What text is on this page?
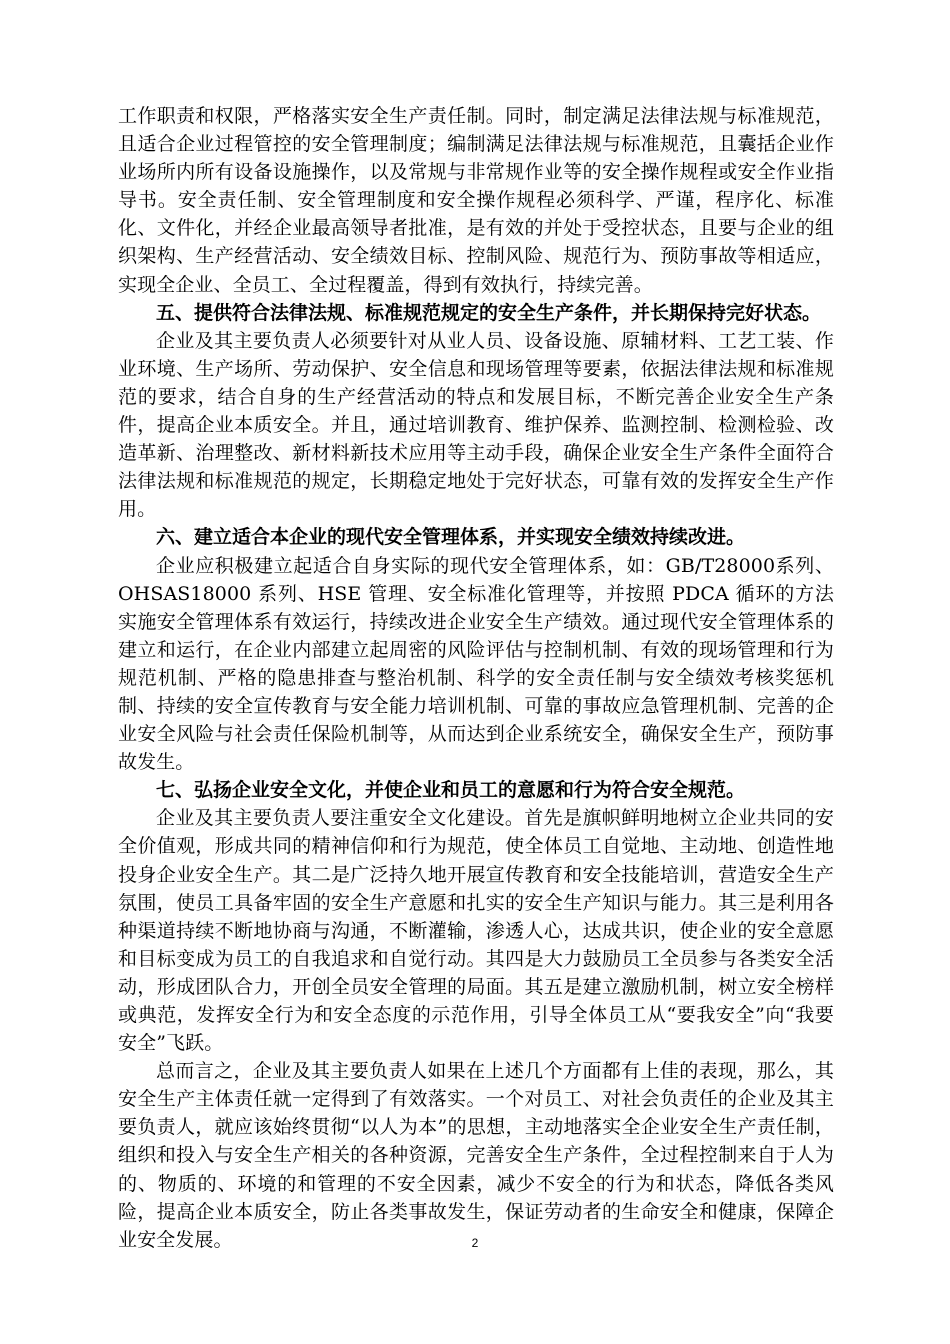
工作职责和权限，严格落实安全生产责任制。同时，制定满足法律法规与标准规范，且适合企业过程管控的安全管理制度；编制满足法律法规与标准规范，且囊括企业作业场所内所有设备设施操作，以及常规与非常规作业等的安全操作规程或安全作业指导书。安全责任制、安全管理制度和安全操作规程必须科学、严谨，程序化、标准化、文件化，并经企业最高领导者批准，是有效的并处于受控状态，且要与企业的组织架构、生产经营活动、安全绩效目标、控制风险、规范行为、预防事故等相适应，实现全企业、全员工、全过程覆盖，得到有效执行，持续完善。

五、提供符合法律法规、标准规范规定的安全生产条件，并长期保持完好状态。

企业及其主要负责人必须要针对从业人员、设备设施、原辅材料、工艺工装、作业环境、生产场所、劳动保护、安全信息和现场管理等要素，依据法律法规和标准规范的要求，结合自身的生产经营活动的特点和发展目标，不断完善企业安全生产条件，提高企业本质安全。并且，通过培训教育、维护保养、监测控制、检测检验、改造革新、治理整改、新材料新技术应用等主动手段，确保企业安全生产条件全面符合法律法规和标准规范的规定，长期稳定地处于完好状态，可靠有效的发挥安全生产作用。

六、建立适合本企业的现代安全管理体系，并实现安全绩效持续改进。

企业应积极建立起适合自身实际的现代安全管理体系，如：GB/T28000系列、OHSAS18000 系列、HSE 管理、安全标准化管理等，并按照 PDCA 循环的方法实施安全管理体系有效运行，持续改进企业安全生产绩效。通过现代安全管理体系的建立和运行，在企业内部建立起周密的风险评估与控制机制、有效的现场管理和行为规范机制、严格的隐患排查与整治机制、科学的安全责任制与安全绩效考核奖惩机制、持续的安全宣传教育与安全能力培训机制、可靠的事故应急管理机制、完善的企业安全风险与社会责任保险机制等，从而达到企业系统安全，确保安全生产，预防事故发生。

七、弘扬企业安全文化，并使企业和员工的意愿和行为符合安全规范。

企业及其主要负责人要注重安全文化建设。首先是旗帜鲜明地树立企业共同的安全价值观，形成共同的精神信仰和行为规范，使全体员工自觉地、主动地、创造性地投身企业安全生产。其二是广泛持久地开展宣传教育和安全技能培训，营造安全生产氛围，使员工具备牢固的安全生产意愿和扎实的安全生产知识与能力。其三是利用各种渠道持续不断地协商与沟通，不断灌输，渗透人心，达成共识，使企业的安全意愿和目标变成为员工的自我追求和自觉行动。其四是大力鼓励员工全员参与各类安全活动，形成团队合力，开创全员安全管理的局面。其五是建立激励机制，树立安全榜样或典范，发挥安全行为和安全态度的示范作用，引导全体员工从“要我安全”向“我要安全”飞跃。

总而言之，企业及其主要负责人如果在上述几个方面都有上佳的表现，那么，其安全生产主体责任就一定得到了有效落实。一个对员工、对社会负责任的企业及其主要负责人，就应该始终贯彻“以人为本”的思想，主动地落实全企业安全生产责任制，组织和投入与安全生产相关的各种资源，完善安全生产条件，全过程控制来自于人为的、物质的、环境的和管理的不安全因素，减少不安全的行为和状态，降低各类风险，提高企业本质安全，防止各类事故发生，保证劳动者的生命安全和健康，保障企业安全发展。	2
